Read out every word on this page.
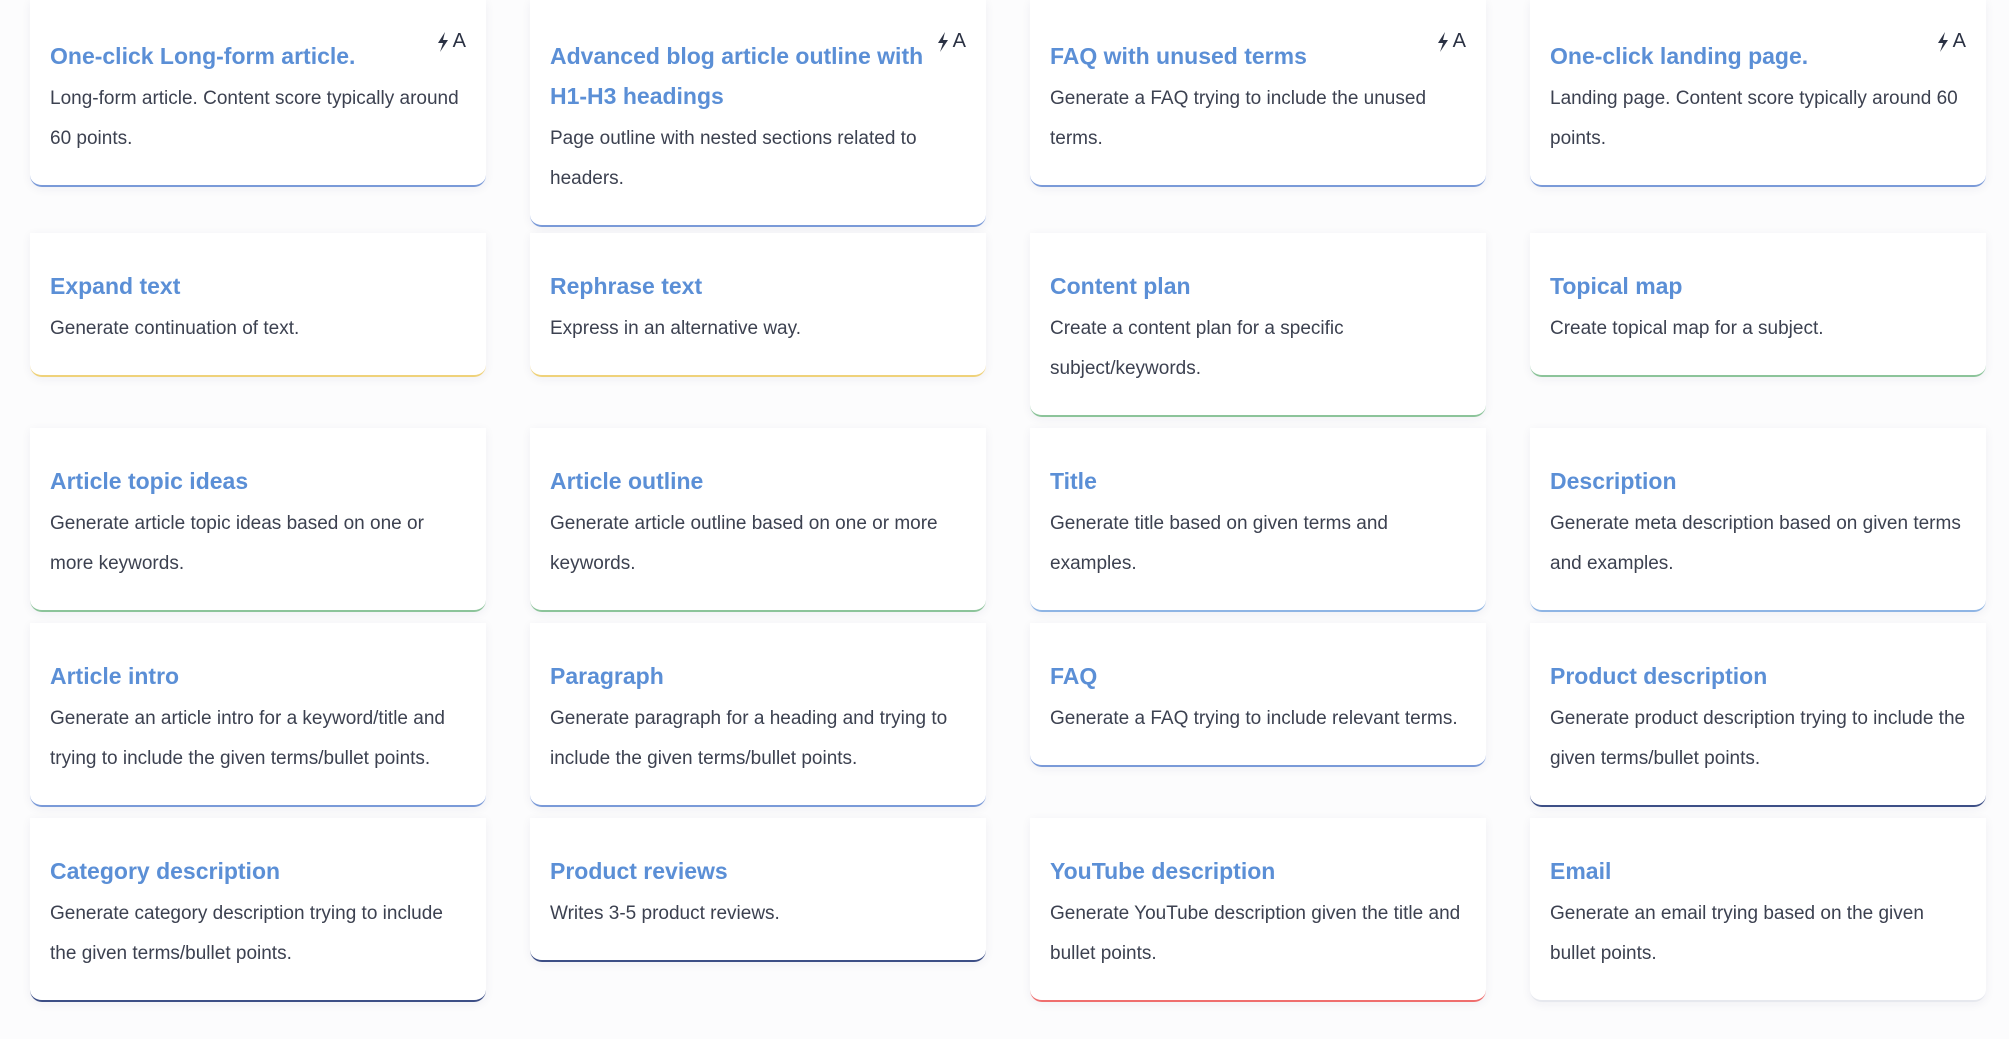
A
One-click Long-form article.
Long-form article. Content score typically around 60 points.
A
Advanced blog article outline with H1-H3 headings
Page outline with nested sections related to headers.
A
FAQ with unused terms
Generate a FAQ trying to include the unused terms.
A
One-click landing page.
Landing page. Content score typically around 60 points.
Expand text
Generate continuation of text.
Rephrase text
Express in an alternative way.
Content plan
Create a content plan for a specific subject/keywords.
Topical map
Create topical map for a subject.
Article topic ideas
Generate article topic ideas based on one or more keywords.
Article outline
Generate article outline based on one or more keywords.
Title
Generate title based on given terms and examples.
Description
Generate meta description based on given terms and examples.
Article intro
Generate an article intro for a keyword/title and trying to include the given terms/bullet points.
Paragraph
Generate paragraph for a heading and trying to include the given terms/bullet points.
FAQ
Generate a FAQ trying to include relevant terms.
Product description
Generate product description trying to include the given terms/bullet points.
Category description
Generate category description trying to include the given terms/bullet points.
Product reviews
Writes 3-5 product reviews.
YouTube description
Generate YouTube description given the title and bullet points.
Email
Generate an email trying based on the given bullet points.
